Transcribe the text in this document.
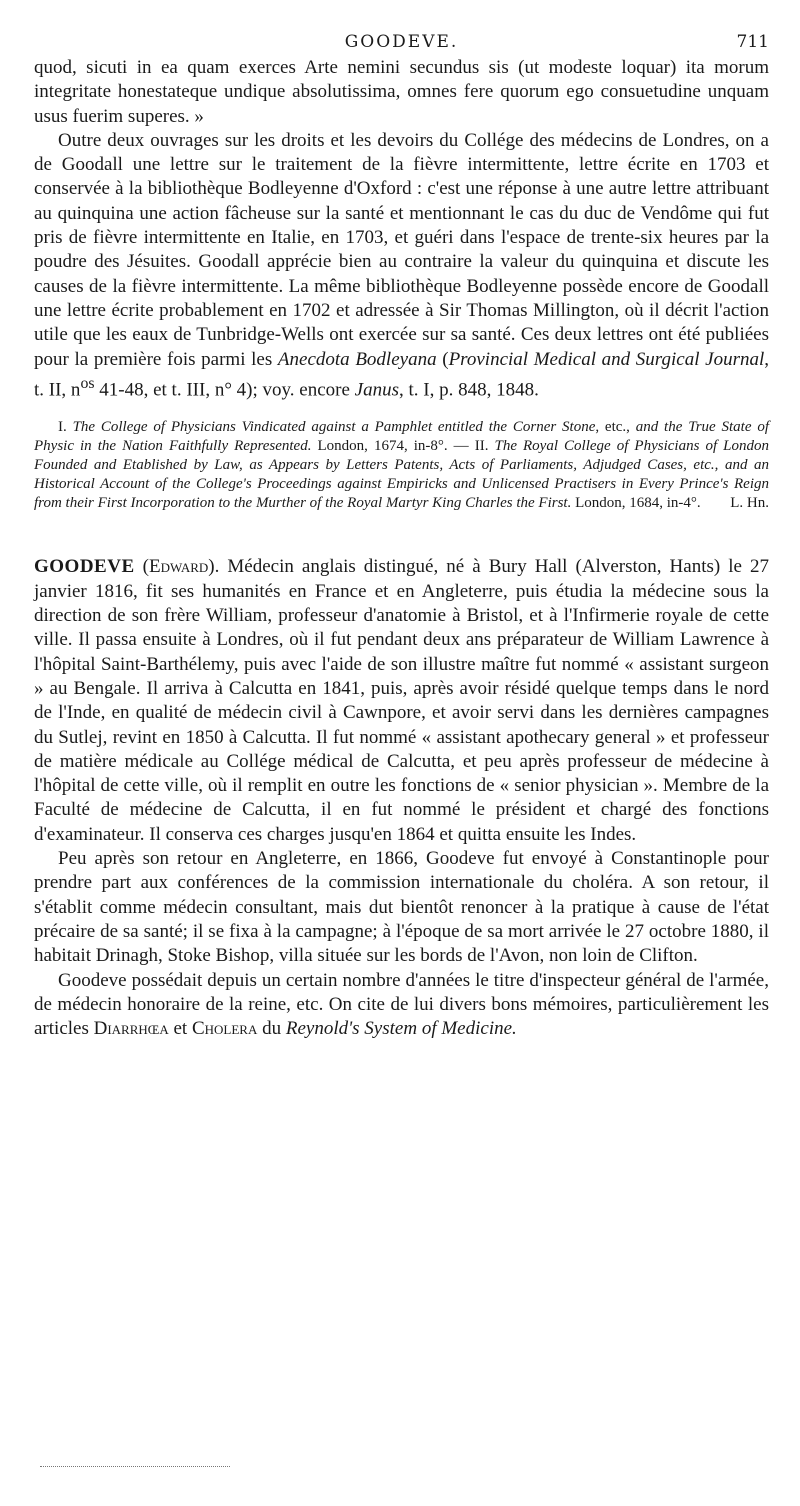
GOODEVE.	711

quod, sicuti in ea quam exerces Arte nemini secundus sis (ut modeste loquar) ita morum integritate honestateque undique absolutissima, omnes fere quorum ego consuetudine unquam usus fuerim superes. »

Outre deux ouvrages sur les droits et les devoirs du Collége des médecins de Londres, on a de Goodall une lettre sur le traitement de la fièvre intermittente, lettre écrite en 1703 et conservée à la bibliothèque Bodleyenne d'Oxford : c'est une réponse à une autre lettre attribuant au quinquina une action fâcheuse sur la santé et mentionnant le cas du duc de Vendôme qui fut pris de fièvre intermittente en Italie, en 1703, et guéri dans l'espace de trente-six heures par la poudre des Jésuites. Goodall apprécie bien au contraire la valeur du quinquina et discute les causes de la fièvre intermittente. La même bibliothèque Bodleyenne possède encore de Goodall une lettre écrite probablement en 1702 et adressée à Sir Thomas Millington, où il décrit l'action utile que les eaux de Tunbridge-Wells ont exercée sur sa santé. Ces deux lettres ont été publiées pour la première fois parmi les Anecdota Bodleyana (Provincial Medical and Surgical Journal, t. II, $n^{os}$ 41-48, et t. III, n° 4); voy. encore Janus, t. I, p. 848, 1848.

I. The College of Physicians Vindicated against a Pamphlet entitled the Corner Stone, etc., and the True State of Physic in the Nation Faithfully Represented. London, 1674, in-8°. — II. The Royal College of Physicians of London Founded and Etablished by Law, as Appears by Letters Patents, Acts of Parliaments, Adjudged Cases, etc., and an Historical Account of the College's Proceedings against Empiricks and Unlicensed Practisers in Every Prince's Reign from their First Incorporation to the Murther of the Royal Martyr King Charles the First. London, 1684, in-4°.	L. Hn.

GOODEVE (Edward). Médecin anglais distingué, né à Bury Hall (Alverston, Hants) le 27 janvier 1816, fit ses humanités en France et en Angleterre, puis étudia la médecine sous la direction de son frère William, professeur d'anatomie à Bristol, et à l'Infirmerie royale de cette ville. Il passa ensuite à Londres, où il fut pendant deux ans préparateur de William Lawrence à l'hôpital Saint-Barthélemy, puis avec l'aide de son illustre maître fut nommé « assistant surgeon » au Bengale. Il arriva à Calcutta en 1841, puis, après avoir résidé quelque temps dans le nord de l'Inde, en qualité de médecin civil à Cawnpore, et avoir servi dans les dernières campagnes du Sutlej, revint en 1850 à Calcutta. Il fut nommé « assistant apothecary general » et professeur de matière médicale au Collége médical de Calcutta, et peu après professeur de médecine à l'hôpital de cette ville, où il remplit en outre les fonctions de « senior physician ». Membre de la Faculté de médecine de Calcutta, il en fut nommé le président et chargé des fonctions d'examinateur. Il conserva ces charges jusqu'en 1864 et quitta ensuite les Indes.

Peu après son retour en Angleterre, en 1866, Goodeve fut envoyé à Constantinople pour prendre part aux conférences de la commission internationale du choléra. A son retour, il s'établit comme médecin consultant, mais dut bientôt renoncer à la pratique à cause de l'état précaire de sa santé; il se fixa à la campagne; à l'époque de sa mort arrivée le 27 octobre 1880, il habitait Drinagh, Stoke Bishop, villa située sur les bords de l'Avon, non loin de Clifton.

Goodeve possédait depuis un certain nombre d'années le titre d'inspecteur général de l'armée, de médecin honoraire de la reine, etc. On cite de lui divers bons mémoires, particulièrement les articles Diarrhœa et Cholera du Reynold's System of Medicine.
